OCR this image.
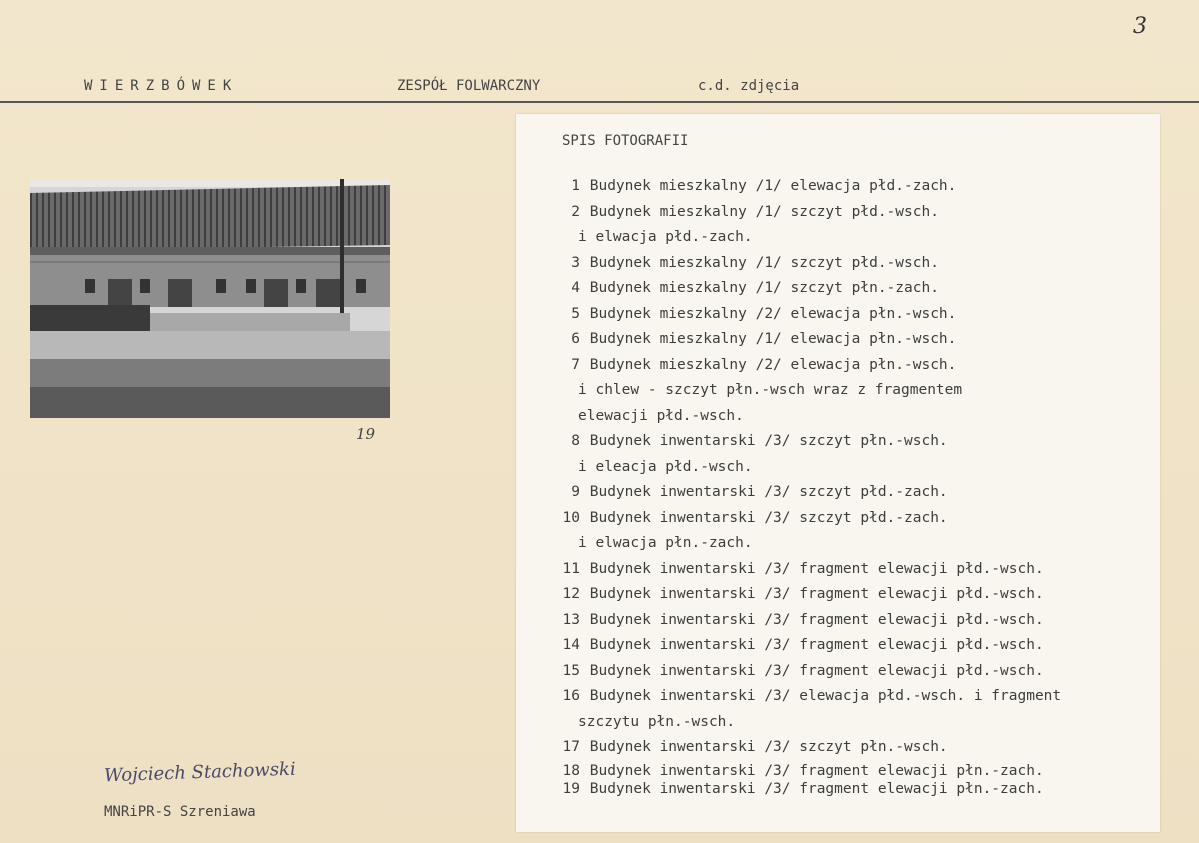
3
WIERZBÓWEK	ZESPÓŁ FOLWARCZNY	c.d. zdjęcia
19
Wojciech Stachowski
MNRiPR-S Szreniawa
SPIS FOTOGRAFII
1 Budynek mieszkalny /1/ elewacja płd.-zach.
2 Budynek mieszkalny /1/ szczyt płd.-wsch.
i elwacja płd.-zach.
3 Budynek mieszkalny /1/ szczyt płd.-wsch.
4 Budynek mieszkalny /1/ szczyt płn.-zach.
5 Budynek mieszkalny /2/ elewacja płn.-wsch.
6 Budynek mieszkalny /1/ elewacja płn.-wsch.
7 Budynek mieszkalny /2/ elewacja płn.-wsch.
i chlew - szczyt płn.-wsch wraz z fragmentem
elewacji płd.-wsch.
8 Budynek inwentarski /3/ szczyt płn.-wsch.
i eleacja płd.-wsch.
9 Budynek inwentarski /3/ szczyt płd.-zach.
10 Budynek inwentarski /3/ szczyt płd.-zach.
i elwacja płn.-zach.
11 Budynek inwentarski /3/ fragment elewacji płd.-wsch.
12 Budynek inwentarski /3/ fragment elewacji płd.-wsch.
13 Budynek inwentarski /3/ fragment elewacji płd.-wsch.
14 Budynek inwentarski /3/ fragment elewacji płd.-wsch.
15 Budynek inwentarski /3/ fragment elewacji płd.-wsch.
16 Budynek inwentarski /3/ elewacja płd.-wsch. i fragment
szczytu płn.-wsch.
17 Budynek inwentarski /3/ szczyt płn.-wsch.
18 Budynek inwentarski /3/ fragment elewacji płn.-zach.
19 Budynek inwentarski /3/ fragment elewacji płn.-zach.
